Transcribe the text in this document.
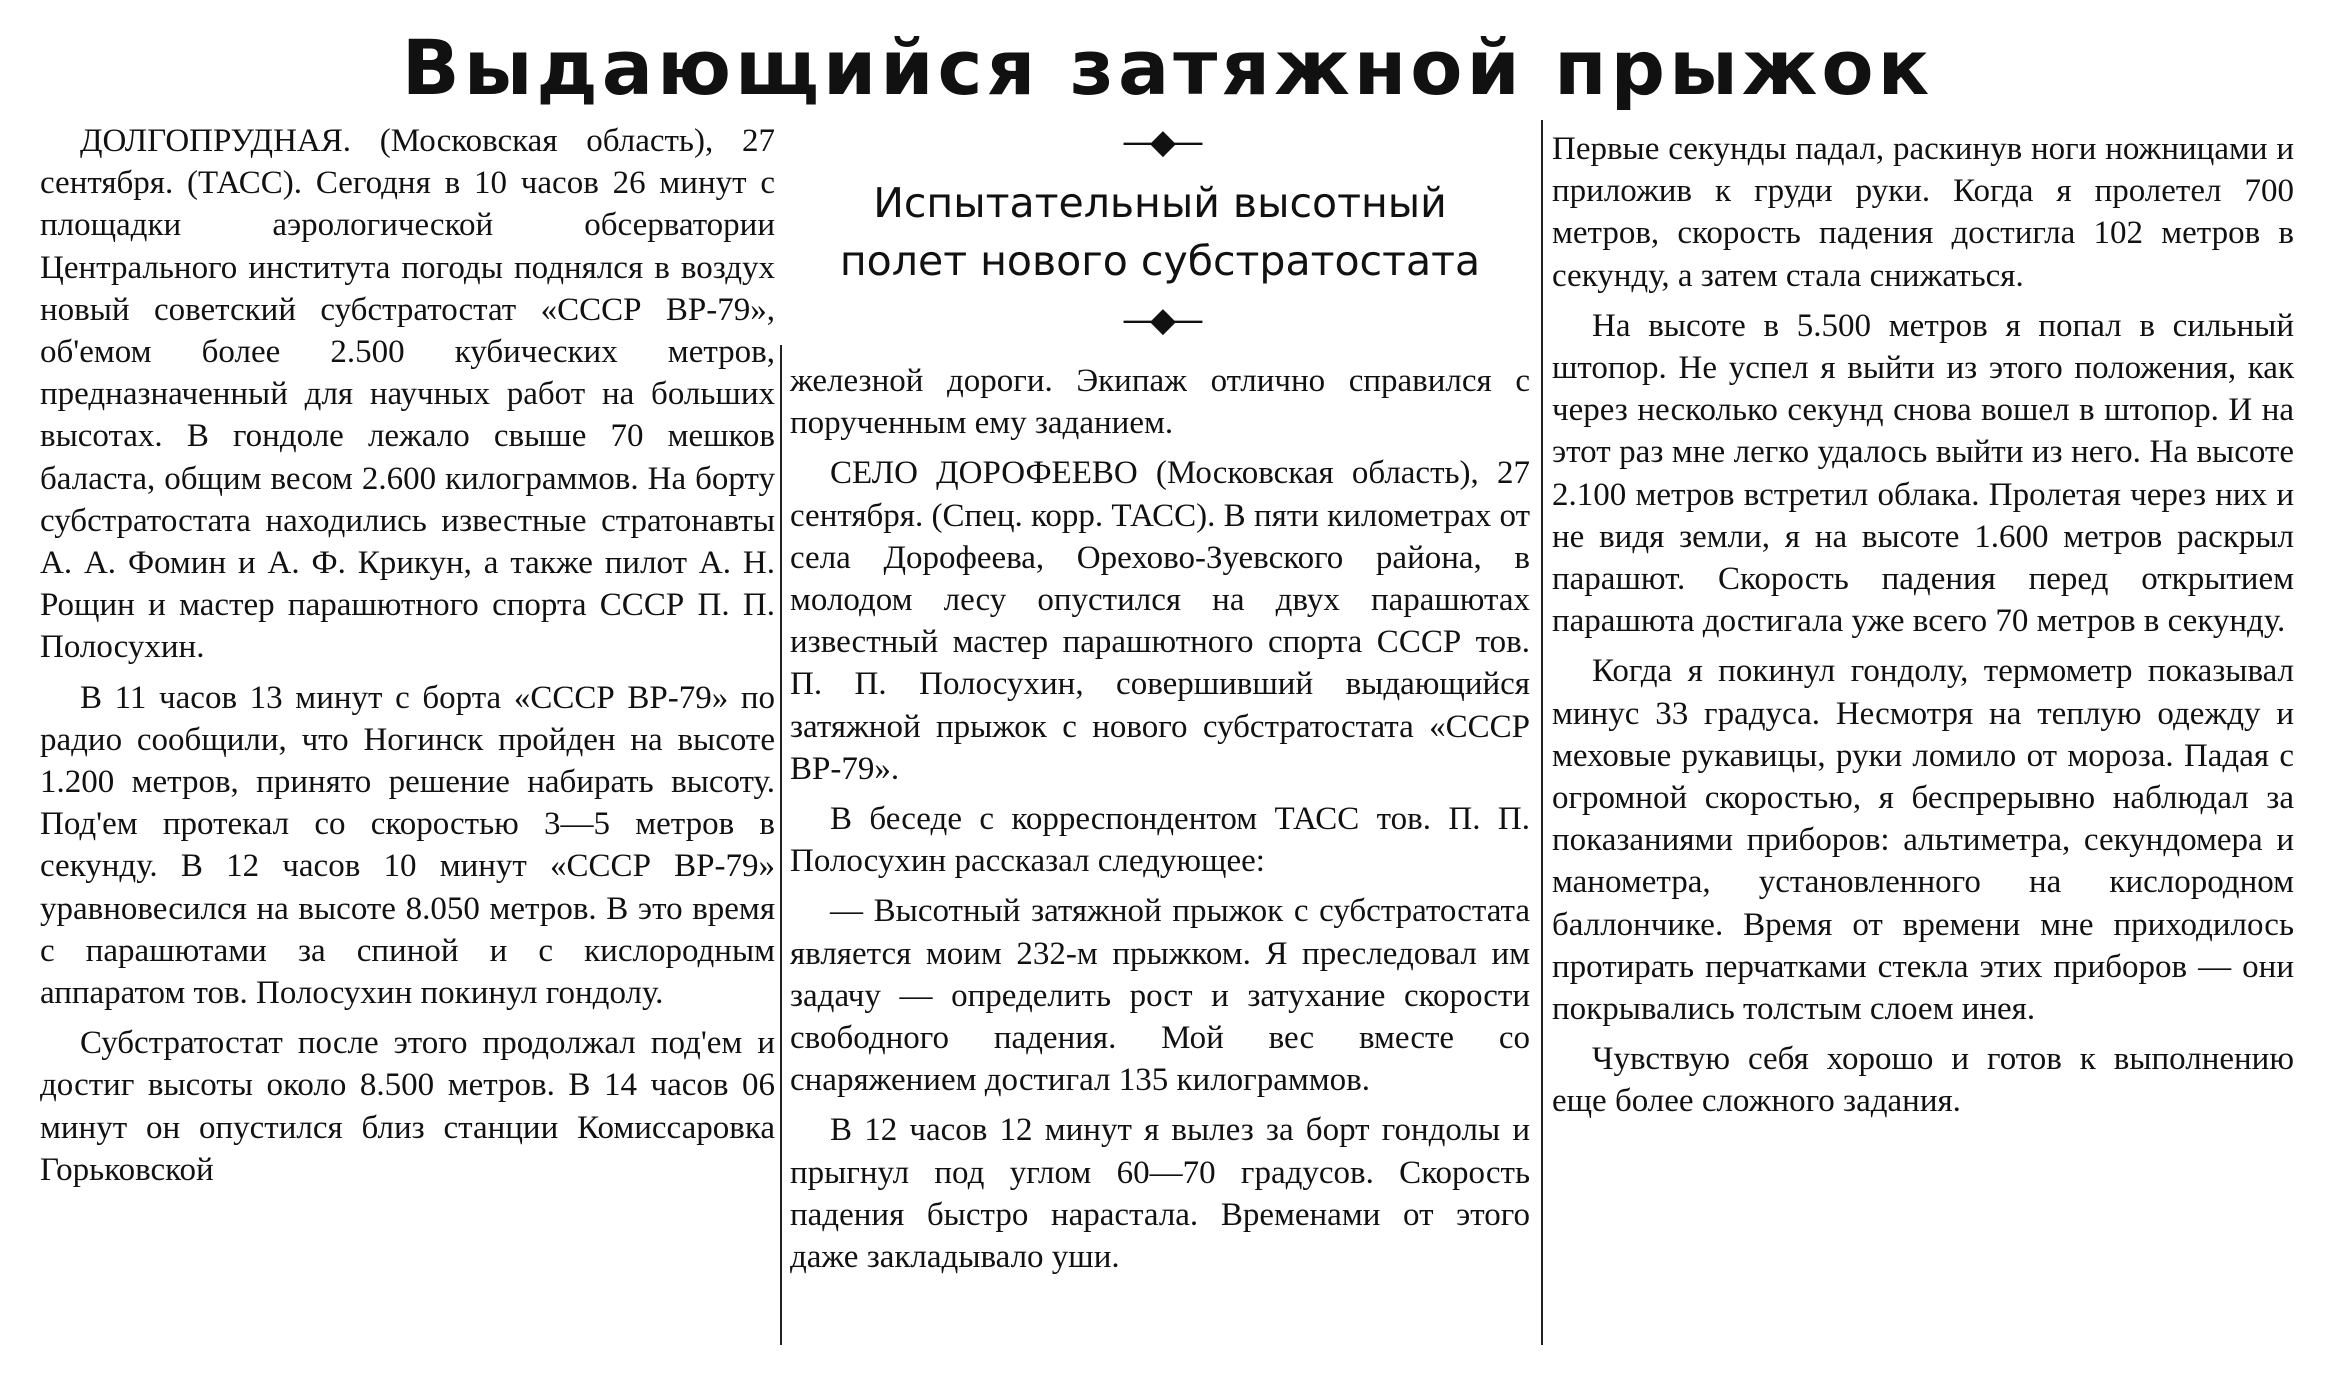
Выдающийся затяжной прыжок

ДОЛГОПРУДНАЯ. (Московская область), 27 сентября. (ТАСС). Сегодня в 10 часов 26 минут с площадки аэрологической обсерватории Центрального института погоды поднялся в воздух новый советский субстратостат «СССР ВР-79», об'емом более 2.500 кубических метров, предназначенный для научных работ на больших высотах. В гондоле лежало свыше 70 мешков баласта, общим весом 2.600 килограммов. На борту субстратостата находились известные стратонавты А. А. Фомин и А. Ф. Крикун, а также пилот А. Н. Рощин и мастер парашютного спорта СССР П. П. Полосухин.

В 11 часов 13 минут с борта «СССР ВР-79» по радио сообщили, что Ногинск пройден на высоте 1.200 метров, принято решение набирать высоту. Под'ем протекал со скоростью 3—5 метров в секунду. В 12 часов 10 минут «СССР ВР-79» уравновесился на высоте 8.050 метров. В это время с парашютами за спиной и с кислородным аппаратом тов. Полосухин покинул гондолу.

Субстратостат после этого продолжал под'ем и достиг высоты около 8.500 метров. В 14 часов 06 минут он опустился близ станции Комиссаровка Горьковской

—◆—
Испытательный высотный
полет нового субстратостата
—◆—

железной дороги. Экипаж отлично справился с порученным ему заданием.

СЕЛО ДОРОФЕЕВО (Московская область), 27 сентября. (Спец. корр. ТАСС). В пяти километрах от села Дорофеева, Орехово-Зуевского района, в молодом лесу опустился на двух парашютах известный мастер парашютного спорта СССР тов. П. П. Полосухин, совершивший выдающийся затяжной прыжок с нового субстратостата «СССР ВР-79».

В беседе с корреспондентом ТАСС тов. П. П. Полосухин рассказал следующее:

— Высотный затяжной прыжок с субстратостата является моим 232-м прыжком. Я преследовал им задачу — определить рост и затухание скорости свободного падения. Мой вес вместе со снаряжением достигал 135 килограммов.

В 12 часов 12 минут я вылез за борт гондолы и прыгнул под углом 60—70 градусов. Скорость падения быстро нарастала. Временами от этого даже закладывало уши.

Первые секунды падал, раскинув ноги ножницами и приложив к груди руки. Когда я пролетел 700 метров, скорость падения достигла 102 метров в секунду, а затем стала снижаться.

На высоте в 5.500 метров я попал в сильный штопор. Не успел я выйти из этого положения, как через несколько секунд снова вошел в штопор. И на этот раз мне легко удалось выйти из него. На высоте 2.100 метров встретил облака. Пролетая через них и не видя земли, я на высоте 1.600 метров раскрыл парашют. Скорость падения перед открытием парашюта достигала уже всего 70 метров в секунду.

Когда я покинул гондолу, термометр показывал минус 33 градуса. Несмотря на теплую одежду и меховые рукавицы, руки ломило от мороза. Падая с огромной скоростью, я беспрерывно наблюдал за показаниями приборов: альтиметра, секундомера и манометра, установленного на кислородном баллончике. Время от времени мне приходилось протирать перчатками стекла этих приборов — они покрывались толстым слоем инея.

Чувствую себя хорошо и готов к выполнению еще более сложного задания.
